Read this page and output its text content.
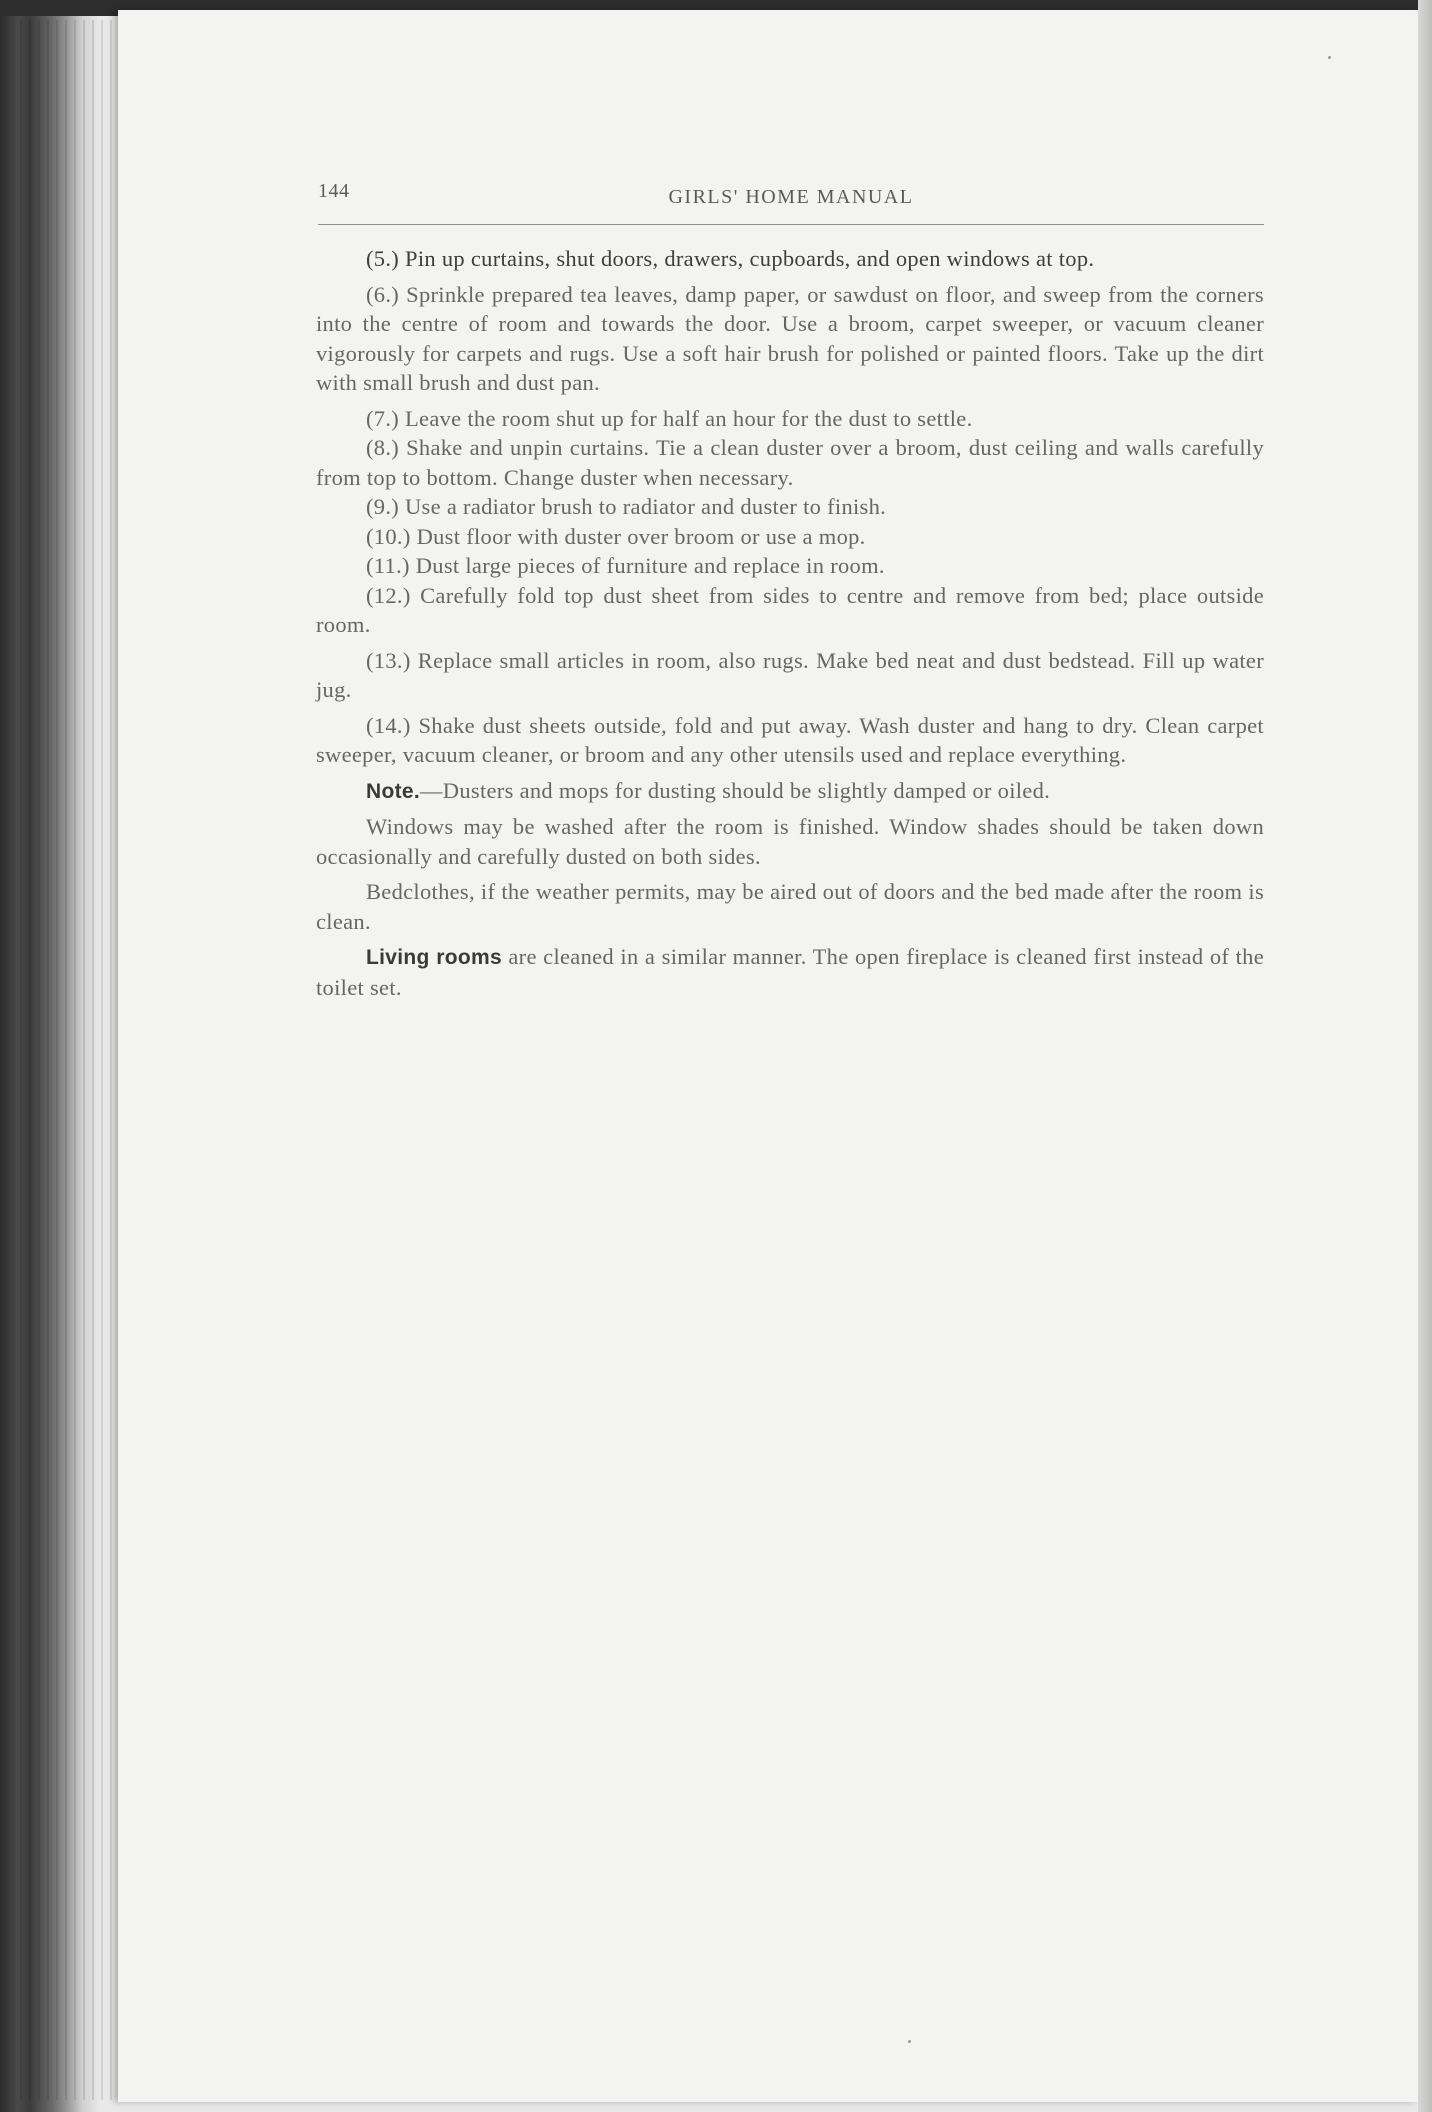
144	GIRLS' HOME MANUAL

(5.) Pin up curtains, shut doors, drawers, cupboards, and open windows at top.

(6.) Sprinkle prepared tea leaves, damp paper, or sawdust on floor, and sweep from the corners into the centre of room and towards the door. Use a broom, carpet sweeper, or vacuum cleaner vigorously for carpets and rugs. Use a soft hair brush for polished or painted floors. Take up the dirt with small brush and dust pan.

(7.) Leave the room shut up for half an hour for the dust to settle.

(8.) Shake and unpin curtains. Tie a clean duster over a broom, dust ceiling and walls carefully from top to bottom. Change duster when necessary.

(9.) Use a radiator brush to radiator and duster to finish.

(10.) Dust floor with duster over broom or use a mop.

(11.) Dust large pieces of furniture and replace in room.

(12.) Carefully fold top dust sheet from sides to centre and remove from bed; place outside room.

(13.) Replace small articles in room, also rugs. Make bed neat and dust bedstead. Fill up water jug.

(14.) Shake dust sheets outside, fold and put away. Wash duster and hang to dry. Clean carpet sweeper, vacuum cleaner, or broom and any other utensils used and replace everything.

Note.—Dusters and mops for dusting should be slightly damped or oiled.

Windows may be washed after the room is finished. Window shades should be taken down occasionally and carefully dusted on both sides.

Bedclothes, if the weather permits, may be aired out of doors and the bed made after the room is clean.

Living rooms are cleaned in a similar manner. The open fireplace is cleaned first instead of the toilet set.
